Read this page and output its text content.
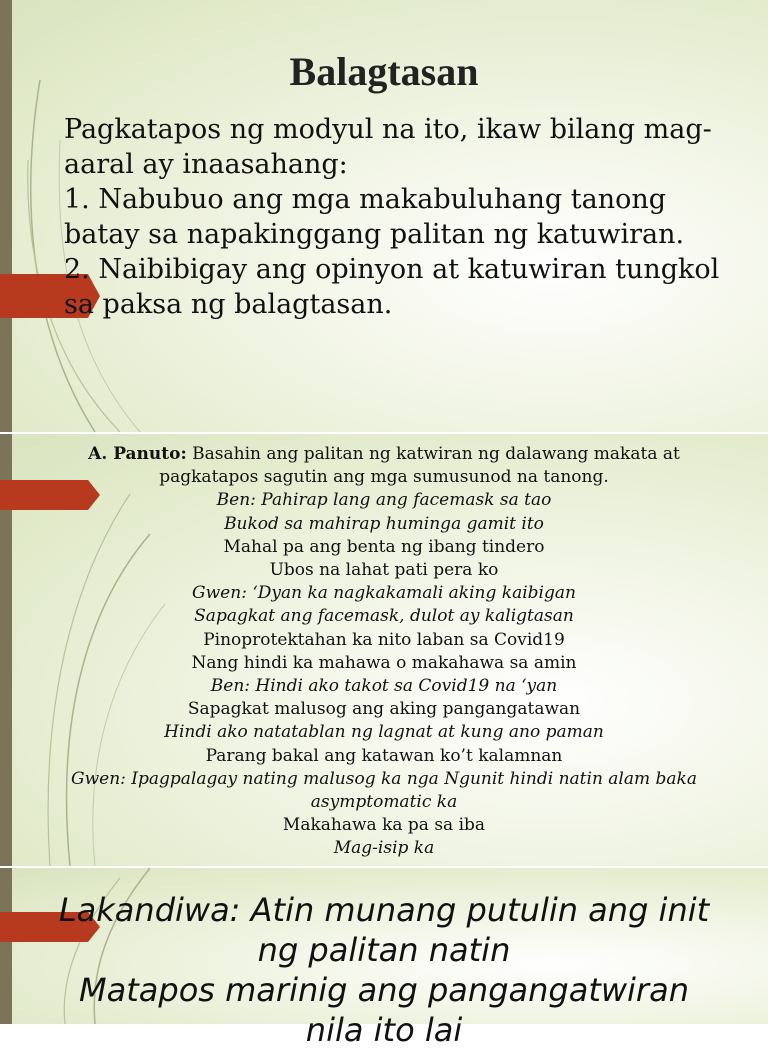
Balagtasan
Pagkatapos ng modyul na ito, ikaw bilang mag-
aaral ay inaasahang:
1. Nabubuo ang mga makabuluhang tanong
batay sa napakinggang palitan ng katuwiran.
2. Naibibigay ang opinyon at katuwiran tungkol
sa paksa ng balagtasan.
A. Panuto: Basahin ang palitan ng katwiran ng dalawang makata at
pagkatapos sagutin ang mga sumusunod na tanong.
Ben: Pahirap lang ang facemask sa tao
Bukod sa mahirap huminga gamit ito
Mahal pa ang benta ng ibang tindero
Ubos na lahat pati pera ko
Gwen: ‘Dyan ka nagkakamali aking kaibigan
Sapagkat ang facemask, dulot ay kaligtasan
Pinoprotektahan ka nito laban sa Covid19
Nang hindi ka mahawa o makahawa sa amin
Ben: Hindi ako takot sa Covid19 na ‘yan
Sapagkat malusog ang aking pangangatawan
Hindi ako natatablan ng lagnat at kung ano paman
Parang bakal ang katawan ko’t kalamnan
Gwen: Ipagpalagay nating malusog ka nga Ngunit hindi natin alam baka
asymptomatic ka
Makahawa ka pa sa iba
Mag-isip ka
Lakandiwa: Atin munang putulin ang init
ng palitan natin
Matapos marinig ang pangangatwiran
nila ito lai
